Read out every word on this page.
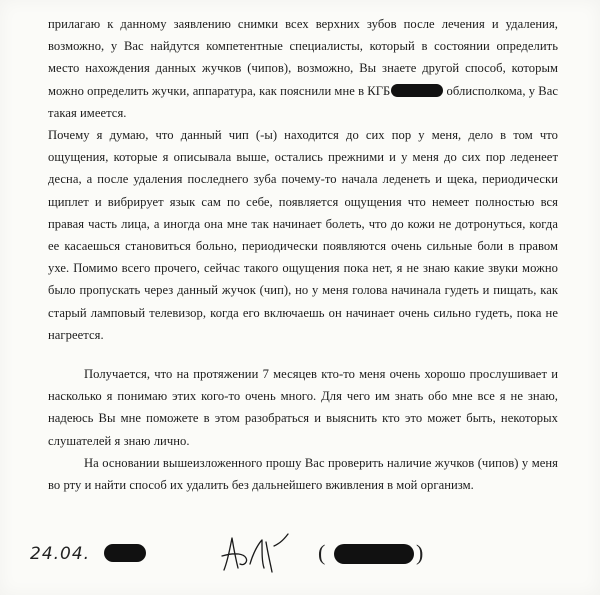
прилагаю к данному заявлению снимки всех верхних зубов после лечения и удаления, возможно, у Вас найдутся компетентные специалисты, который в состоянии определить место нахождения данных жучков (чипов), возможно, Вы знаете другой способ, которым можно определить жучки, аппаратура, как пояснили мне в КГБ	облисполкома, у Вас такая имеется.

Почему я думаю, что данный чип (-ы) находится до сих пор у меня, дело в том что ощущения, которые я описывала выше, остались прежними и у меня до сих пор леденеет десна, а после удаления последнего зуба почему-то начала леденеть и щека, периодически щиплет и вибрирует язык сам по себе, появляется ощущения что немеет полностью вся правая часть лица, а иногда она мне так начинает болеть, что до кожи не дотронуться, когда ее касаешься становиться больно, периодически появляются очень сильные боли в правом ухе. Помимо всего прочего, сейчас такого ощущения пока нет, я не знаю какие звуки можно было пропускать через данный жучок (чип), но у меня голова начинала гудеть и пищать, как старый ламповый телевизор, когда его включаешь он начинает очень сильно гудеть, пока не нагреется.

Получается, что на протяжении 7 месяцев кто-то меня очень хорошо прослушивает и насколько я понимаю этих кого-то очень много. Для чего им знать обо мне все я не знаю, надеюсь Вы мне поможете в этом разобраться и выяснить кто это может быть, некоторых слушателей я знаю лично.

На основании вышеизложенного прошу Вас проверить наличие жучков (чипов) у меня во рту и найти способ их удалить без дальнейшего вживления в мой организм.

24.04.	(	)
